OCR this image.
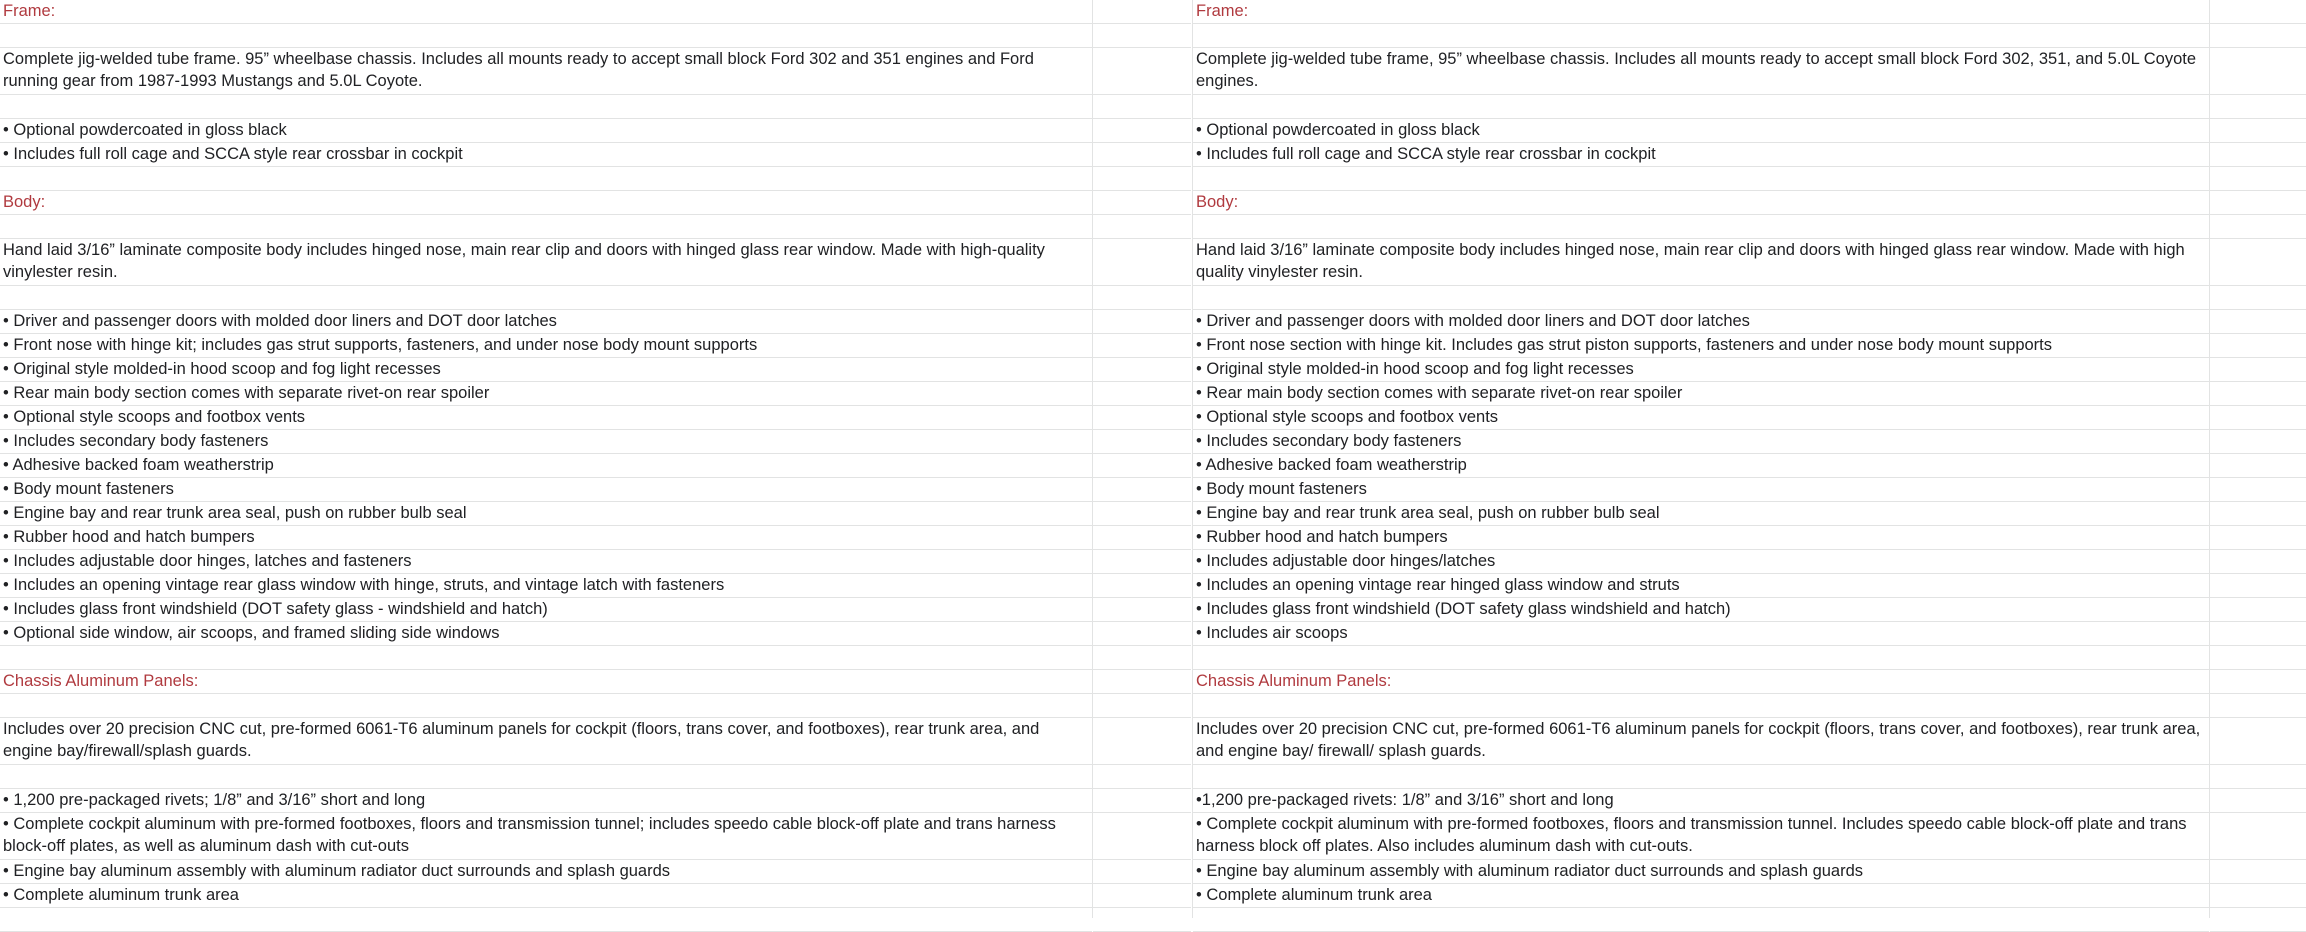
Frame:
Complete jig-welded tube frame. 95” wheelbase chassis. Includes all mounts ready to accept small block Ford 302 and 351 engines and Ford running gear from 1987-1993 Mustangs and 5.0L Coyote.
• Optional powdercoated in gloss black
• Includes full roll cage and SCCA style rear crossbar in cockpit
Body:
Hand laid 3/16” laminate composite body includes hinged nose, main rear clip and doors with hinged glass rear window. Made with high-quality vinylester resin.
• Driver and passenger doors with molded door liners and DOT door latches
• Front nose with hinge kit; includes gas strut supports, fasteners, and under nose body mount supports
• Original style molded-in hood scoop and fog light recesses
• Rear main body section comes with separate rivet-on rear spoiler
• Optional style scoops and footbox vents
• Includes secondary body fasteners
• Adhesive backed foam weatherstrip
• Body mount fasteners
• Engine bay and rear trunk area seal, push on rubber bulb seal
• Rubber hood and hatch bumpers
• Includes adjustable door hinges, latches and fasteners
• Includes an opening vintage rear glass window with hinge, struts, and vintage latch with fasteners
• Includes glass front windshield (DOT safety glass - windshield and hatch)
• Optional side window, air scoops, and framed sliding side windows
Chassis Aluminum Panels:
Includes over 20 precision CNC cut, pre-formed 6061-T6 aluminum panels for cockpit (floors, trans cover, and footboxes), rear trunk area, and engine bay/firewall/splash guards.
• 1,200 pre-packaged rivets; 1/8” and 3/16” short and long
• Complete cockpit aluminum with pre-formed footboxes, floors and transmission tunnel; includes speedo cable block-off plate and trans harness block-off plates, as well as aluminum dash with cut-outs
• Engine bay aluminum assembly with aluminum radiator duct surrounds and splash guards
• Complete aluminum trunk area
Frame:
Complete jig-welded tube frame, 95” wheelbase chassis. Includes all mounts ready to accept small block Ford 302, 351, and 5.0L Coyote engines.
• Optional powdercoated in gloss black
• Includes full roll cage and SCCA style rear crossbar in cockpit
Body:
Hand laid 3/16” laminate composite body includes hinged nose, main rear clip and doors with hinged glass rear window. Made with high quality vinylester resin.
• Driver and passenger doors with molded door liners and DOT door latches
• Front nose section with hinge kit. Includes gas strut piston supports, fasteners and under nose body mount supports
• Original style molded-in hood scoop and fog light recesses
• Rear main body section comes with separate rivet-on rear spoiler
• Optional style scoops and footbox vents
• Includes secondary body fasteners
• Adhesive backed foam weatherstrip
• Body mount fasteners
• Engine bay and rear trunk area seal, push on rubber bulb seal
• Rubber hood and hatch bumpers
• Includes adjustable door hinges/latches
• Includes an opening vintage rear hinged glass window and struts
• Includes glass front windshield (DOT safety glass windshield and hatch)
• Includes air scoops
Chassis Aluminum Panels:
Includes over 20 precision CNC cut, pre-formed 6061-T6 aluminum panels for cockpit (floors, trans cover, and footboxes), rear trunk area, and engine bay/ firewall/ splash guards.
•1,200 pre-packaged rivets: 1/8” and 3/16” short and long
• Complete cockpit aluminum with pre-formed footboxes, floors and transmission tunnel. Includes speedo cable block-off plate and trans harness block off plates. Also includes aluminum dash with cut-outs.
• Engine bay aluminum assembly with aluminum radiator duct surrounds and splash guards
• Complete aluminum trunk area
